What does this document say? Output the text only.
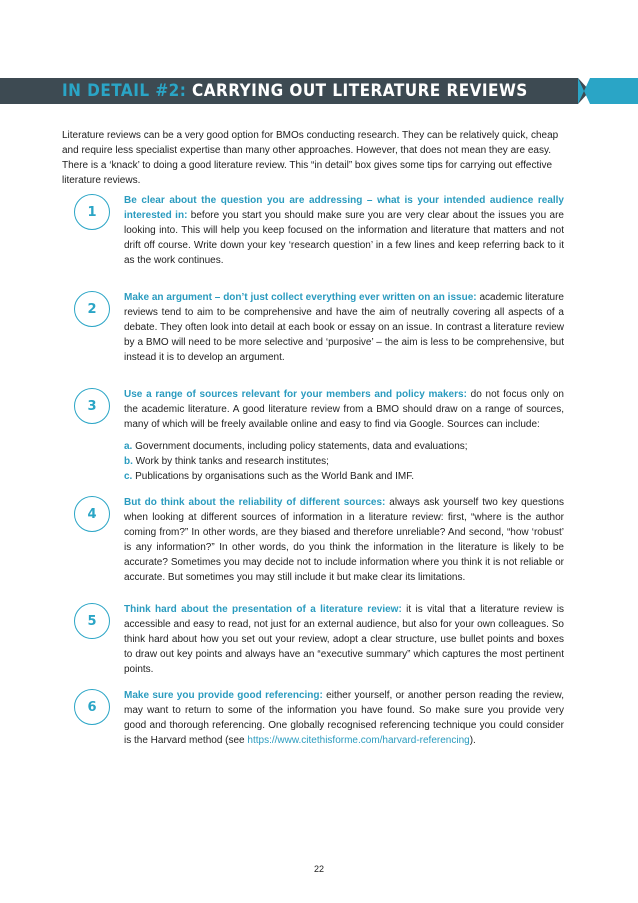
IN DETAIL #2: CARRYING OUT LITERATURE REVIEWS
Literature reviews can be a very good option for BMOs conducting research. They can be relatively quick, cheap and require less specialist expertise than many other approaches. However, that does not mean they are easy. There is a ‘knack’ to doing a good literature review. This “in detail” box gives some tips for carrying out effective literature reviews.
1
Be clear about the question you are addressing – what is your intended audience really interested in: before you start you should make sure you are very clear about the issues you are looking into. This will help you keep focused on the information and literature that matters and not drift off course. Write down your key ‘research question’ in a few lines and keep referring back to it as the work continues.
2
Make an argument – don’t just collect everything ever written on an issue: academic literature reviews tend to aim to be comprehensive and have the aim of neutrally covering all aspects of a debate. They often look into detail at each book or essay on an issue. In contrast a literature review by a BMO will need to be more selective and ‘purposive’ – the aim is less to be comprehensive, but instead it is to develop an argument.
3
Use a range of sources relevant for your members and policy makers: do not focus only on the academic literature. A good literature review from a BMO should draw on a range of sources, many of which will be freely available online and easy to find via Google. Sources can include:
a. Government documents, including policy statements, data and evaluations;
b. Work by think tanks and research institutes;
c. Publications by organisations such as the World Bank and IMF.
4
But do think about the reliability of different sources: always ask yourself two key questions when looking at different sources of information in a literature review: first, “where is the author coming from?” In other words, are they biased and therefore unreliable? And second, “how ‘robust’ is any information?” In other words, do you think the information in the literature is likely to be accurate? Sometimes you may decide not to include information where you think it is not reliable or accurate. But sometimes you may still include it but make clear its limitations.
5
Think hard about the presentation of a literature review: it is vital that a literature review is accessible and easy to read, not just for an external audience, but also for your own colleagues. So think hard about how you set out your review, adopt a clear structure, use bullet points and boxes to draw out key points and always have an “executive summary” which captures the most pertinent points.
6
Make sure you provide good referencing: either yourself, or another person reading the review, may want to return to some of the information you have found. So make sure you provide very good and thorough referencing. One globally recognised referencing technique you could consider is the Harvard method (see https://www.citethisforme.com/harvard-referencing).
22
